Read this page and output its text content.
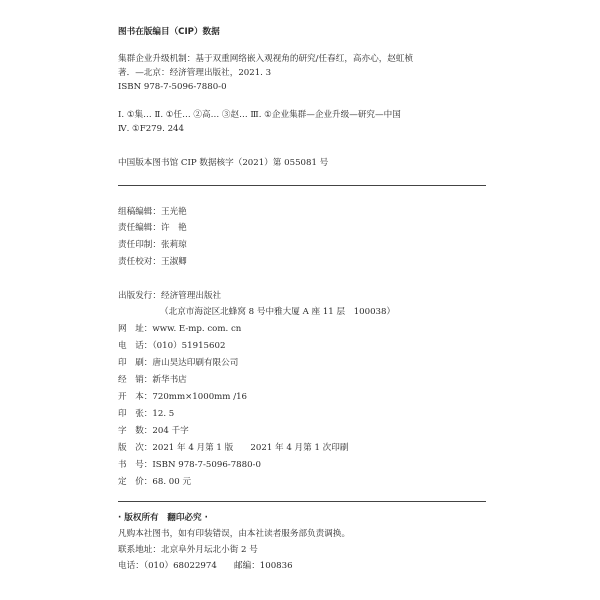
图书在版编目（CIP）数据
集群企业升级机制：基于双重网络嵌入观视角的研究/任春红，高亦心，赵虹桢
著．—北京：经济管理出版社，2021. 3
ISBN 978-7-5096-7880-0
Ⅰ. ①集… Ⅱ. ①任… ②高… ③赵… Ⅲ. ①企业集群—企业升级—研究—中国
Ⅳ. ①F279. 244
中国版本图书馆 CIP 数据核字（2021）第 055081 号
组稿编辑：王光艳
责任编辑：许　艳
责任印制：张莉琼
责任校对：王淑卿
出版发行：经济管理出版社
（北京市海淀区北蜂窝 8 号中雅大厦 A 座 11 层　100038）
网　址：www. E-mp. com. cn
电　话：（010）51915602
印　刷：唐山昊达印刷有限公司
经　销：新华书店
开　本：720mm×1000mm /16
印　张：12. 5
字　数：204 千字
版　次：2021 年 4 月第 1 版　　2021 年 4 月第 1 次印刷
书　号：ISBN 978-7-5096-7880-0
定　价：68. 00 元
· 版权所有　翻印必究 ·
凡购本社图书，如有印装错误，由本社读者服务部负责调换。
联系地址：北京阜外月坛北小街 2 号
电话：（010）68022974　　邮编：100836
